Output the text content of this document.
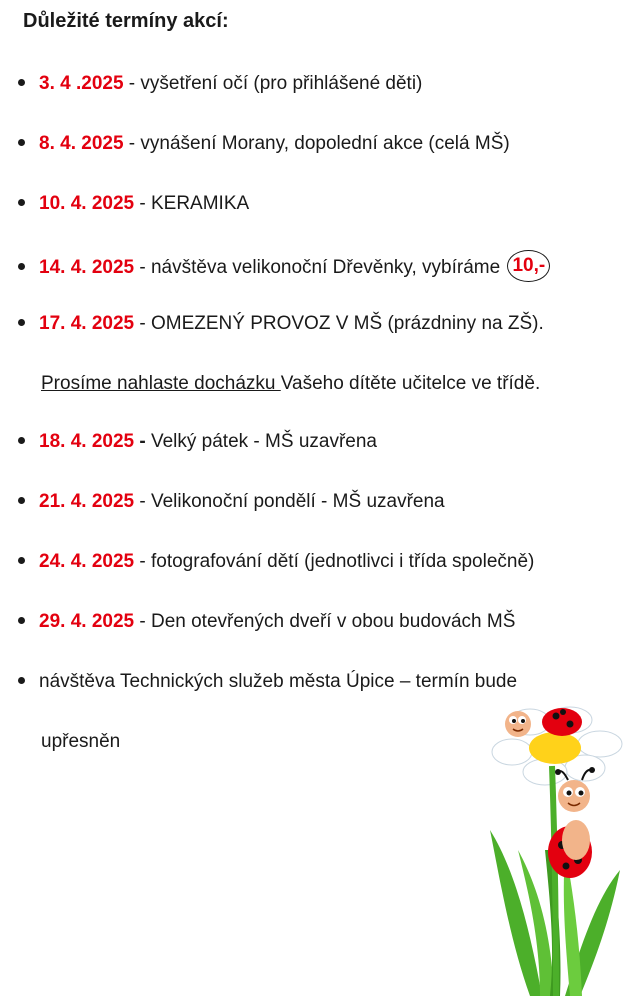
Důležité termíny akcí:
3. 4 .2025 - vyšetření očí (pro přihlášené děti)
8. 4. 2025 - vynášení Morany, dopolední akce (celá MŠ)
10. 4. 2025 - KERAMIKA
14. 4. 2025 - návštěva velikonoční Dřevěnky, vybíráme 10,-
17. 4. 2025 - OMEZENÝ PROVOZ V MŠ (prázdniny na ZŠ).
Prosíme nahlaste docházku Vašeho dítěte učitelce ve třídě.
18. 4. 2025 - Velký pátek - MŠ uzavřena
21. 4. 2025 - Velikonoční pondělí - MŠ uzavřena
24. 4. 2025 - fotografování dětí (jednotlivci i třída společně)
29. 4. 2025 - Den otevřených dveří v obou budovách MŠ
návštěva Technických služeb města Úpice – termín bude
upřesněn
